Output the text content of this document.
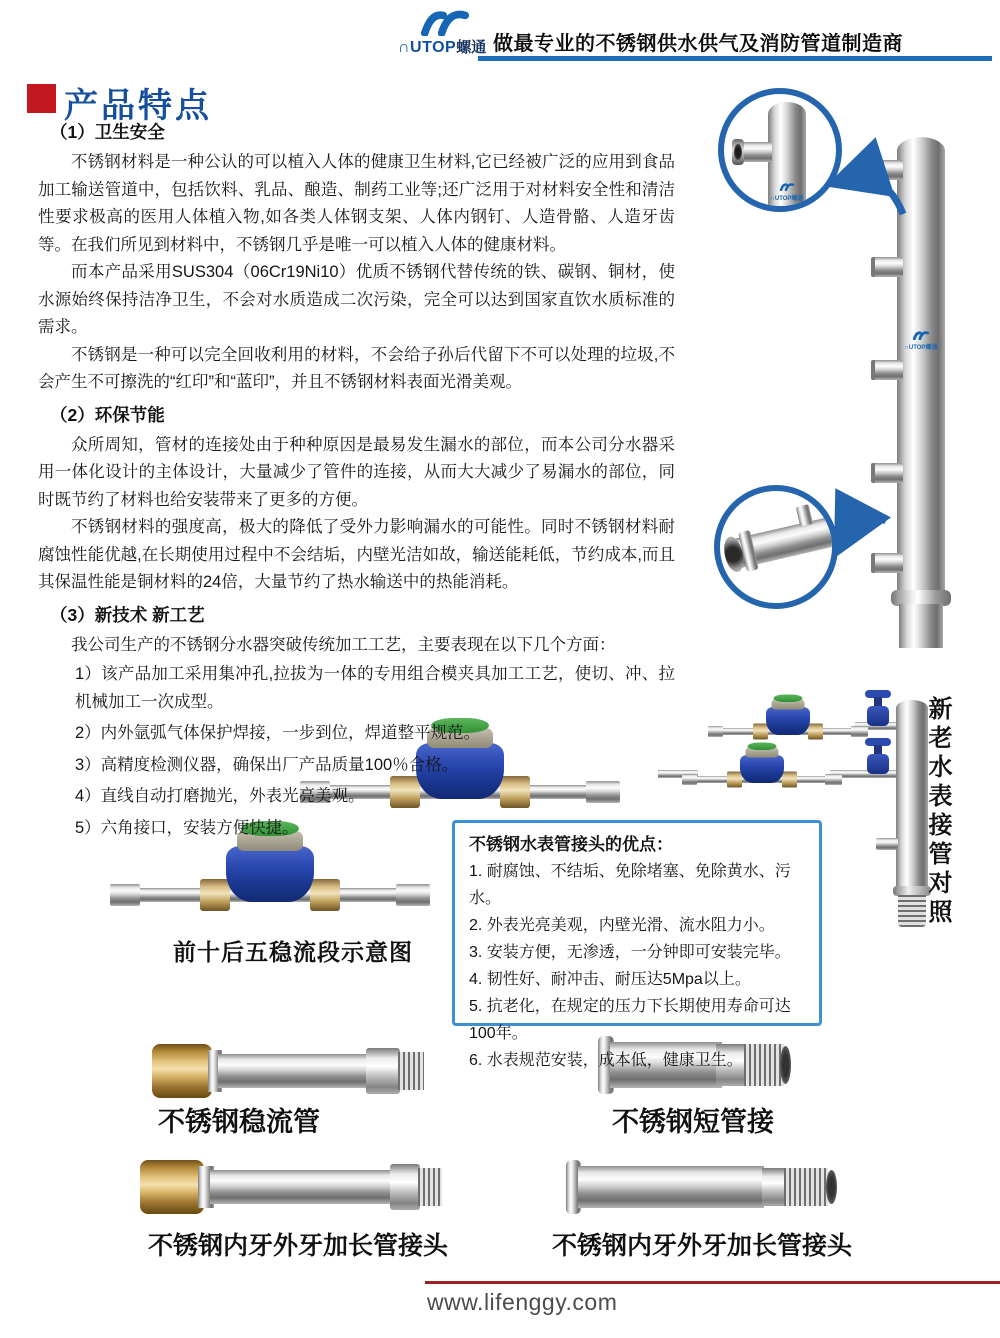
∩UTOP螺通 做最专业的不锈钢供水供气及消防管道制造商
产品特点
（1）卫生安全

不锈钢材料是一种公认的可以植入人体的健康卫生材料,它已经被广泛的应用到食品加工输送管道中，包括饮料、乳品、酿造、制药工业等;还广泛用于对材料安全性和清洁性要求极高的医用人体植入物,如各类人体钢支架、人体内钢钉、人造骨骼、人造牙齿等。在我们所见到材料中，不锈钢几乎是唯一可以植入人体的健康材料。

而本产品采用SUS304（06Cr19Ni10）优质不锈钢代替传统的铁、碳钢、铜材，使水源始终保持洁净卫生，不会对水质造成二次污染，完全可以达到国家直饮水质标准的需求。

不锈钢是一种可以完全回收利用的材料，不会给子孙后代留下不可以处理的垃圾,不会产生不可擦洗的“红印”和“蓝印”，并且不锈钢材料表面光滑美观。

（2）环保节能

众所周知，管材的连接处由于种种原因是最易发生漏水的部位，而本公司分水器采用一体化设计的主体设计，大量减少了管件的连接，从而大大减少了易漏水的部位，同时既节约了材料也给安装带来了更多的方便。

不锈钢材料的强度高，极大的降低了受外力影响漏水的可能性。同时不锈钢材料耐腐蚀性能优越,在长期使用过程中不会结垢，内壁光洁如故，输送能耗低，节约成本,而且其保温性能是铜材料的24倍，大量节约了热水输送中的热能消耗。

（3）新技术 新工艺

我公司生产的不锈钢分水器突破传统加工工艺，主要表现在以下几个方面：

1）该产品加工采用集冲孔,拉拔为一体的专用组合模夹具加工工艺，使切、冲、拉机械加工一次成型。
2）内外氩弧气体保护焊接，一步到位，焊道整平规范。
3）高精度检测仪器，确保出厂产品质量100％合格。
4）直线自动打磨抛光，外表光亮美观。
5）六角接口，安装方便快捷。
∩UTOP螺通
∩UTOP螺通
前十后五稳流段示意图
新老水表接管对照
不锈钢水表管接头的优点：
1. 耐腐蚀、不结垢、免除堵塞、免除黄水、污水。
2. 外表光亮美观，内壁光滑、流水阻力小。
3. 安装方便，无渗透，一分钟即可安装完毕。
4. 韧性好、耐冲击、耐压达5Mpa以上。
5. 抗老化，在规定的压力下长期使用寿命可达100年。
6. 水表规范安装，成本低，健康卫生。
不锈钢稳流管	不锈钢短管接
不锈钢内牙外牙加长管接头	不锈钢内牙外牙加长管接头
www.lifenggy.com
